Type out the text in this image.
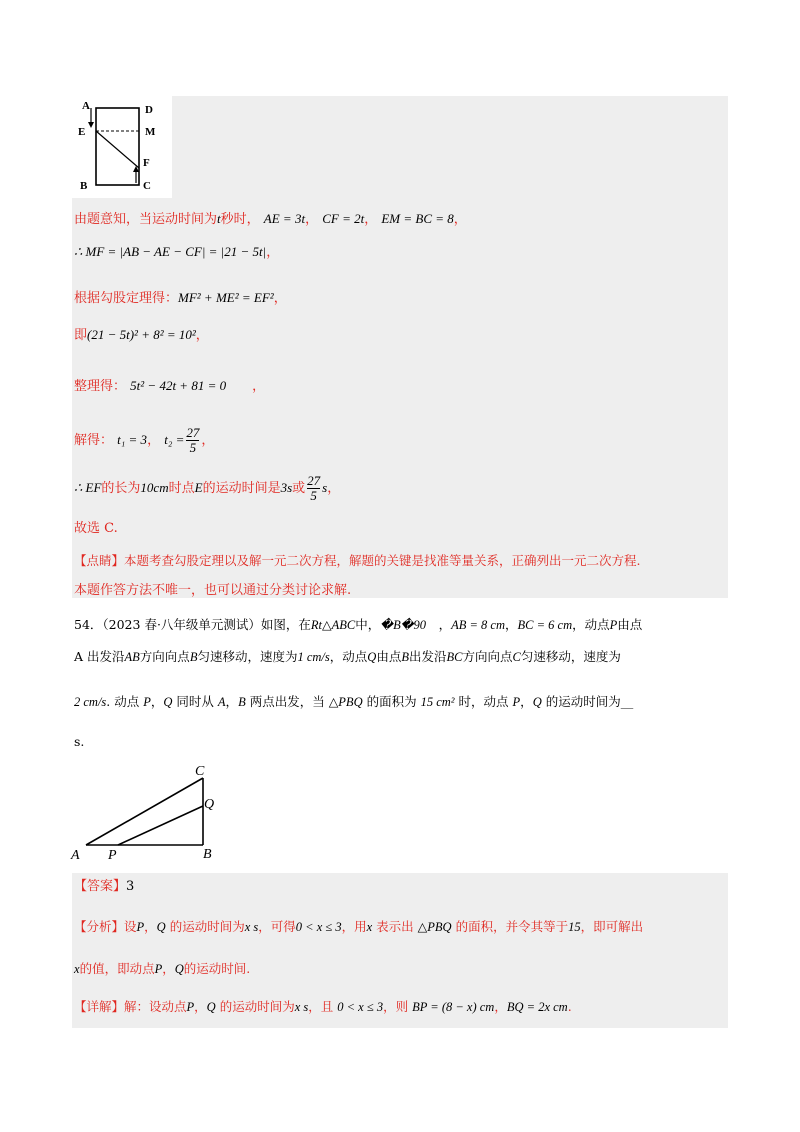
A	D
E	M
F
B	C
由题意知，当运动时间为t秒时， AE = 3t， CF = 2t， EM = BC = 8，
∴ MF = |AB − AE − CF| = |21 − 5t|，
根据勾股定理得：MF² + ME² = EF²，
即(21 − 5t)² + 8² = 10²，
整理得： 5t² − 42t + 81 = 0　　，
解得： t₁ = 3， $t_2 = \frac{27}{5}$ ，
∴ EF的长为10cm时点E的运动时间是3s或 $\frac{27}{5}$ s，
故选 C.
【点睛】本题考查勾股定理以及解一元二次方程，解题的关键是找准等量关系，正确列出一元二次方程.
本题作答方法不唯一，也可以通过分类讨论求解.
54．（2023 春·八年级单元测试）如图，在Rt△ABC中，�B�90　，AB = 8 cm，BC = 6 cm，动点P由点
A 出发沿AB方向向点B匀速移动，速度为1 cm/s，动点Q由点B出发沿BC方向向点C匀速移动，速度为
2 cm/s. 动点 P，Q 同时从 A，B 两点出发，当 △PBQ 的面积为 15 cm² 时，动点 P，Q 的运动时间为__
s.
A P	B
C
Q
【答案】3
【分析】设P，Q 的运动时间为x s，可得0 < x ≤ 3，用x 表示出 △PBQ 的面积，并令其等于15，即可解出
x的值，即动点P，Q的运动时间.
【详解】解：设动点P，Q 的运动时间为x s，且 0 < x ≤ 3，则 BP = (8 − x) cm，BQ = 2x cm.
